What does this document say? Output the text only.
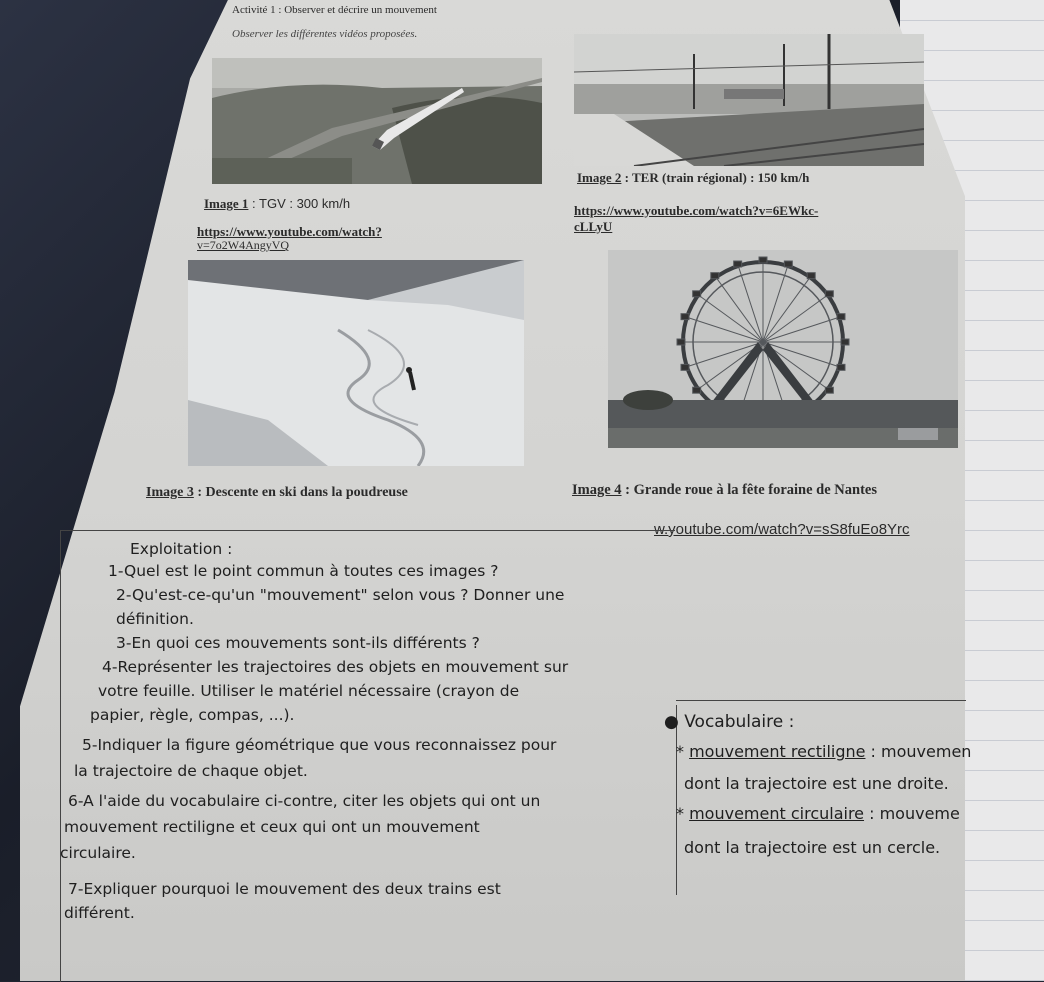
Activité 1 : Observer et décrire un mouvement
Observer les différentes vidéos proposées.
Image 1 : TGV : 300 km/h
Image 2 : TER (train régional) : 150 km/h
https://www.youtube.com/watch?
v=7o2W4AngyVQ
https://www.youtube.com/watch?v=6EWkc-
cLLyU
Image 3 : Descente en ski dans la poudreuse	Image 4 : Grande roue à la fête foraine de Nantes
w.youtube.com/watch?v=sS8fuEo8Yrc
Exploitation :
1-Quel est le point commun à toutes ces images ?
2-Qu'est-ce-qu'un "mouvement" selon vous ? Donner une
définition.
3-En quoi ces mouvements sont-ils différents ?
4-Représenter les trajectoires des objets en mouvement sur
votre feuille. Utiliser le matériel nécessaire (crayon de
papier, règle, compas, ...).
5-Indiquer la figure géométrique que vous reconnaissez pour
la trajectoire de chaque objet.
6-A l'aide du vocabulaire ci-contre, citer les objets qui ont un
mouvement rectiligne et ceux qui ont un mouvement
circulaire.
7-Expliquer pourquoi le mouvement des deux trains est
différent.
● Vocabulaire :
* mouvement rectiligne : mouvemen
dont la trajectoire est une droite.
* mouvement circulaire : mouveme
dont la trajectoire est un cercle.
